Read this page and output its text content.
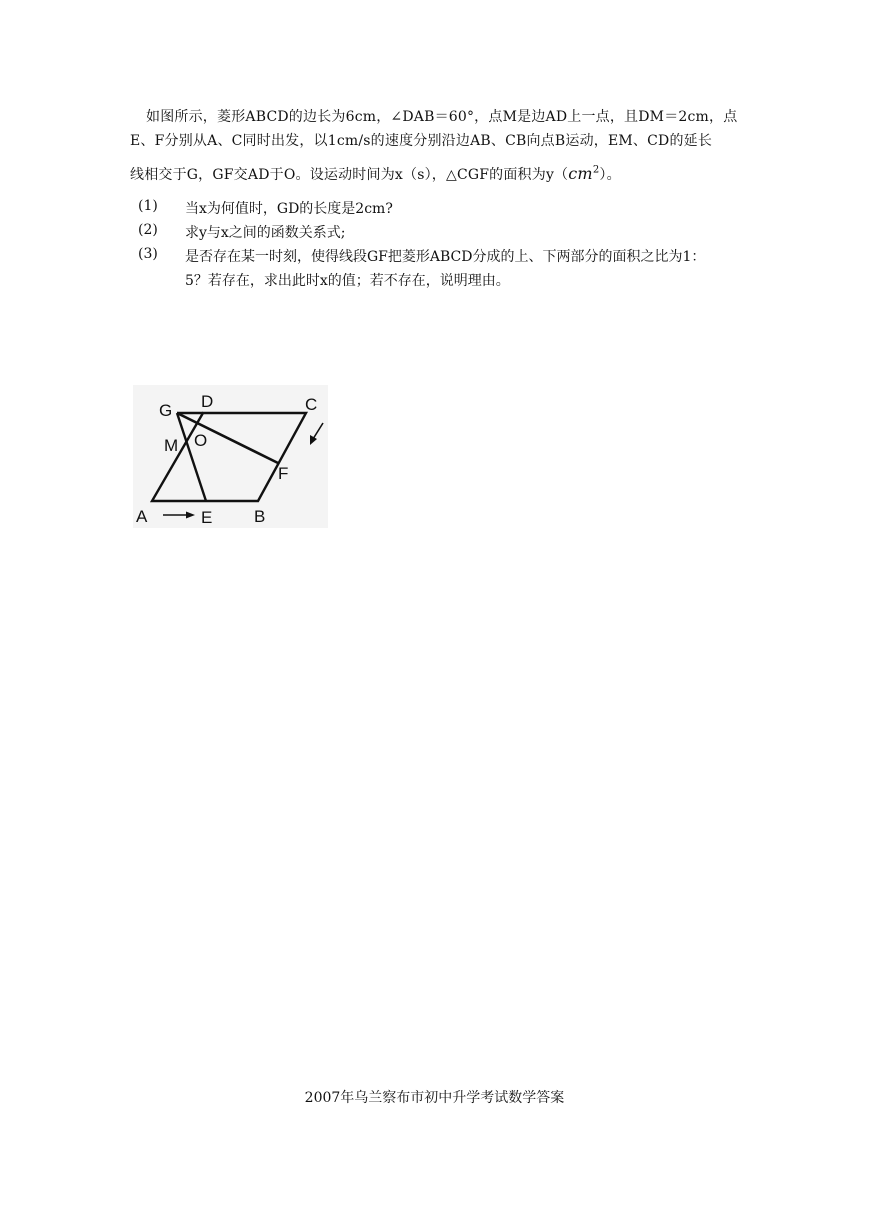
如图所示，菱形ABCD的边长为6cm，∠DAB＝60°，点M是边AD上一点，且DM＝2cm，点
E、F分别从A、C同时出发，以1cm/s的速度分别沿边AB、CB向点B运动，EM、CD的延长
线相交于G，GF交AD于O。设运动时间为x（s），△CGF的面积为$y(cm^2)$。
(1) 当x为何值时，GD的长度是2cm?
(2) 求y与x之间的函数关系式;
(3) 是否存在某一时刻，使得线段GF把菱形ABCD分成的上、下两部分的面积之比为1：
5？若存在，求出此时x的值；若不存在，说明理由。
G D	C
M O
F
A	E B
2007年乌兰察布市初中升学考试数学答案
